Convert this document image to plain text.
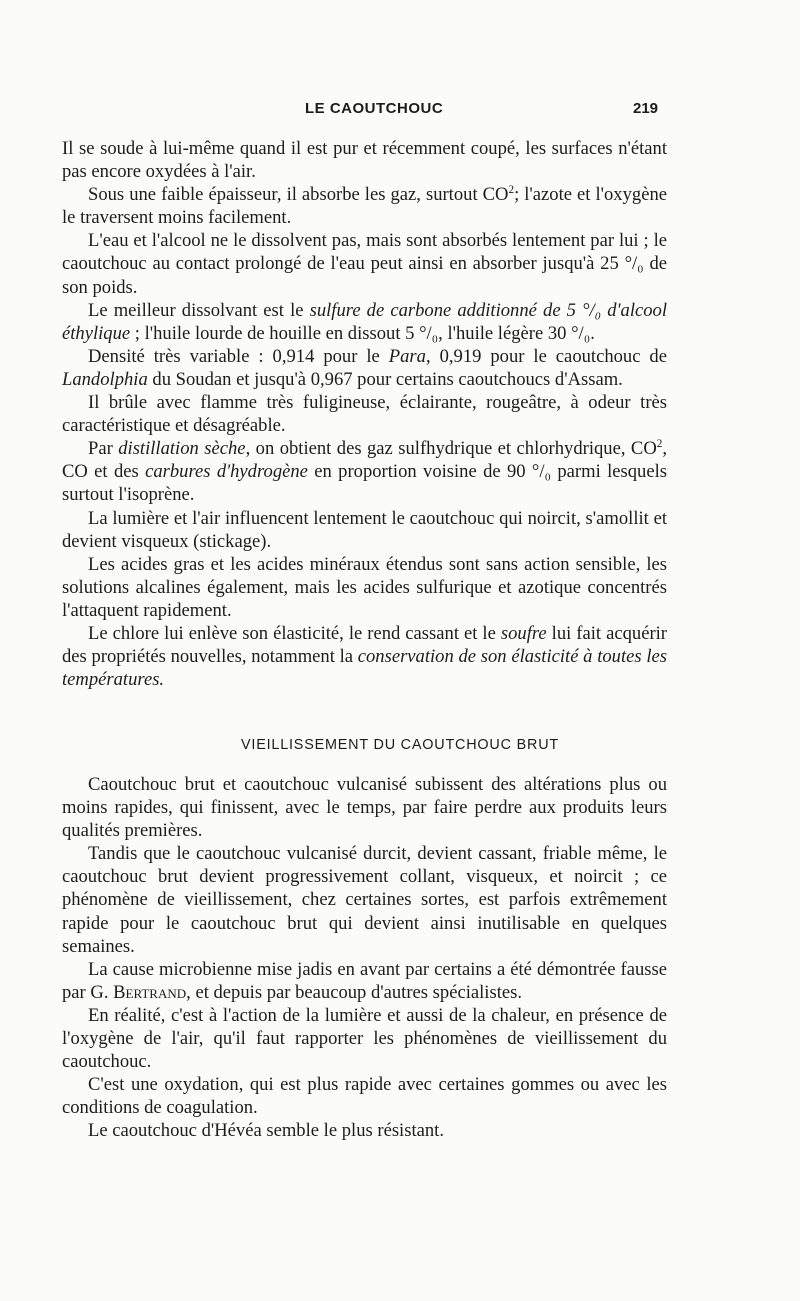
LE CAOUTCHOUC	219

Il se soude à lui-même quand il est pur et récemment coupé, les surfaces n'étant pas encore oxydées à l'air.

Sous une faible épaisseur, il absorbe les gaz, surtout $CO^2$; l'azote et l'oxygène le traversent moins facilement.

L'eau et l'alcool ne le dissolvent pas, mais sont absorbés lentement par lui ; le caoutchouc au contact prolongé de l'eau peut ainsi en absorber jusqu'à 25 °/₀ de son poids.

Le meilleur dissolvant est le sulfure de carbone additionné de 5 °/₀ d'alcool éthylique ; l'huile lourde de houille en dissout 5 °/₀, l'huile légère 30 °/₀.

Densité très variable : 0,914 pour le Para, 0,919 pour le caoutchouc de Landolphia du Soudan et jusqu'à 0,967 pour certains caoutchoucs d'Assam.

Il brûle avec flamme très fuligineuse, éclairante, rougeâtre, à odeur très caractéristique et désagréable.

Par distillation sèche, on obtient des gaz sulfhydrique et chlorhydrique, $CO^2$, CO et des carbures d'hydrogène en proportion voisine de 90 °/₀ parmi lesquels surtout l'isoprène.

La lumière et l'air influencent lentement le caoutchouc qui noircit, s'amollit et devient visqueux (stickage).

Les acides gras et les acides minéraux étendus sont sans action sensible, les solutions alcalines également, mais les acides sulfurique et azotique concentrés l'attaquent rapidement.

Le chlore lui enlève son élasticité, le rend cassant et le soufre lui fait acquérir des propriétés nouvelles, notamment la conservation de son élasticité à toutes les températures.

VIEILLISSEMENT DU CAOUTCHOUC BRUT

Caoutchouc brut et caoutchouc vulcanisé subissent des altérations plus ou moins rapides, qui finissent, avec le temps, par faire perdre aux produits leurs qualités premières.

Tandis que le caoutchouc vulcanisé durcit, devient cassant, friable même, le caoutchouc brut devient progressivement collant, visqueux, et noircit ; ce phénomène de vieillissement, chez certaines sortes, est parfois extrêmement rapide pour le caoutchouc brut qui devient ainsi inutilisable en quelques semaines.

La cause microbienne mise jadis en avant par certains a été démontrée fausse par G. Bertrand, et depuis par beaucoup d'autres spécialistes.

En réalité, c'est à l'action de la lumière et aussi de la chaleur, en présence de l'oxygène de l'air, qu'il faut rapporter les phénomènes de vieillissement du caoutchouc.

C'est une oxydation, qui est plus rapide avec certaines gommes ou avec les conditions de coagulation.

Le caoutchouc d'Hévéa semble le plus résistant.
